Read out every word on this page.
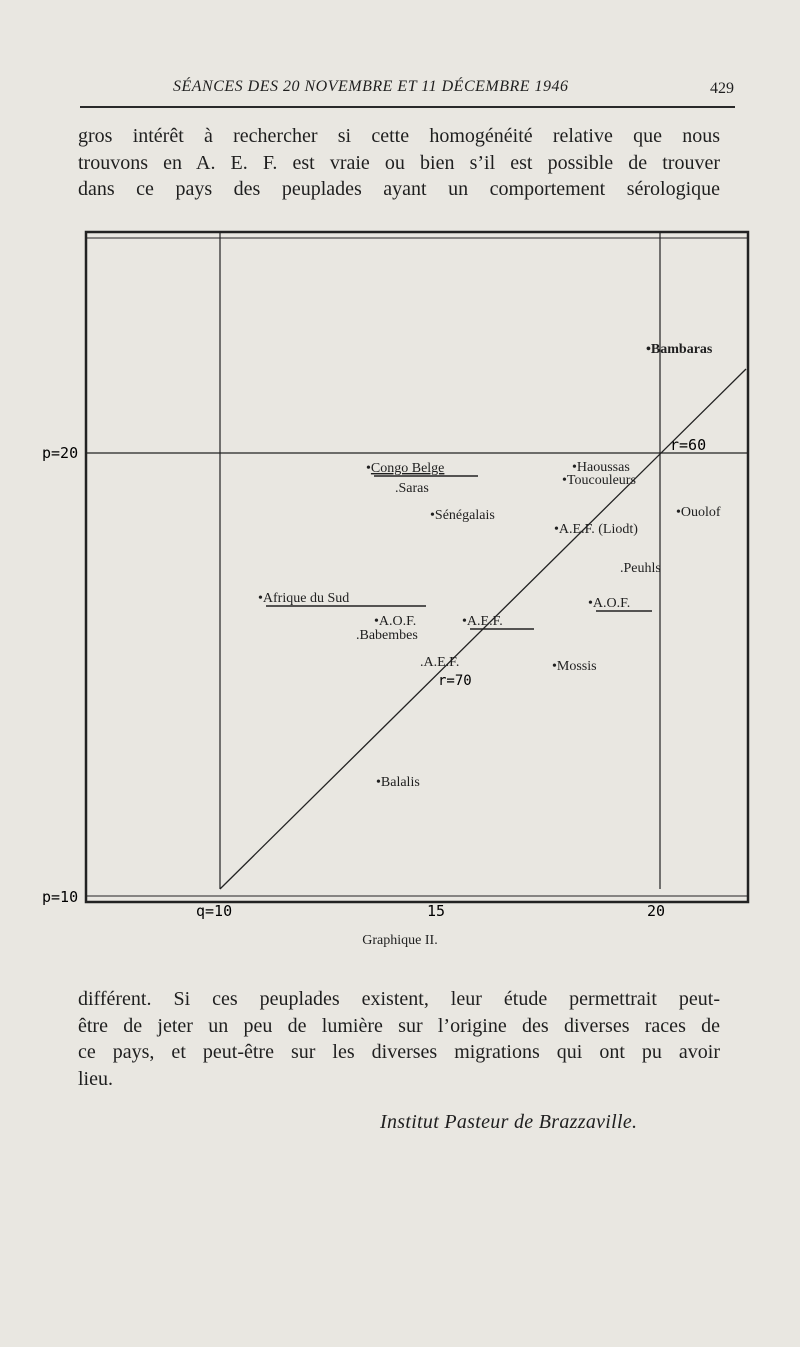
SÉANCES DES 20 NOVEMBRE ET 11 DÉCEMBRE 1946	429
gros intérêt à rechercher si cette homogénéité relative que nous
trouvons en A. E. F. est vraie ou bien s’il est possible de trouver
dans ce pays des peuplades ayant un comportement sérologique
p=20
p=10
q=10	15	20
r=60
r=70
•Bambaras
•Congo Belge
.Saras
•Haoussas
•Toucouleurs
•Sénégalais	•Ouolof
•A.E.F. (Liodt)
.Peuhls
•Afrique du Sud	•A.O.F.
•A.O.F.
.Babembes
•A.E.F.
.A.E.F.	•Mossis
•Balalis
Graphique II.
différent. Si ces peuplades existent, leur étude permettrait peut-
être de jeter un peu de lumière sur l’origine des diverses races de
ce pays, et peut-être sur les diverses migrations qui ont pu avoir
lieu.
Institut Pasteur de Brazzaville.
